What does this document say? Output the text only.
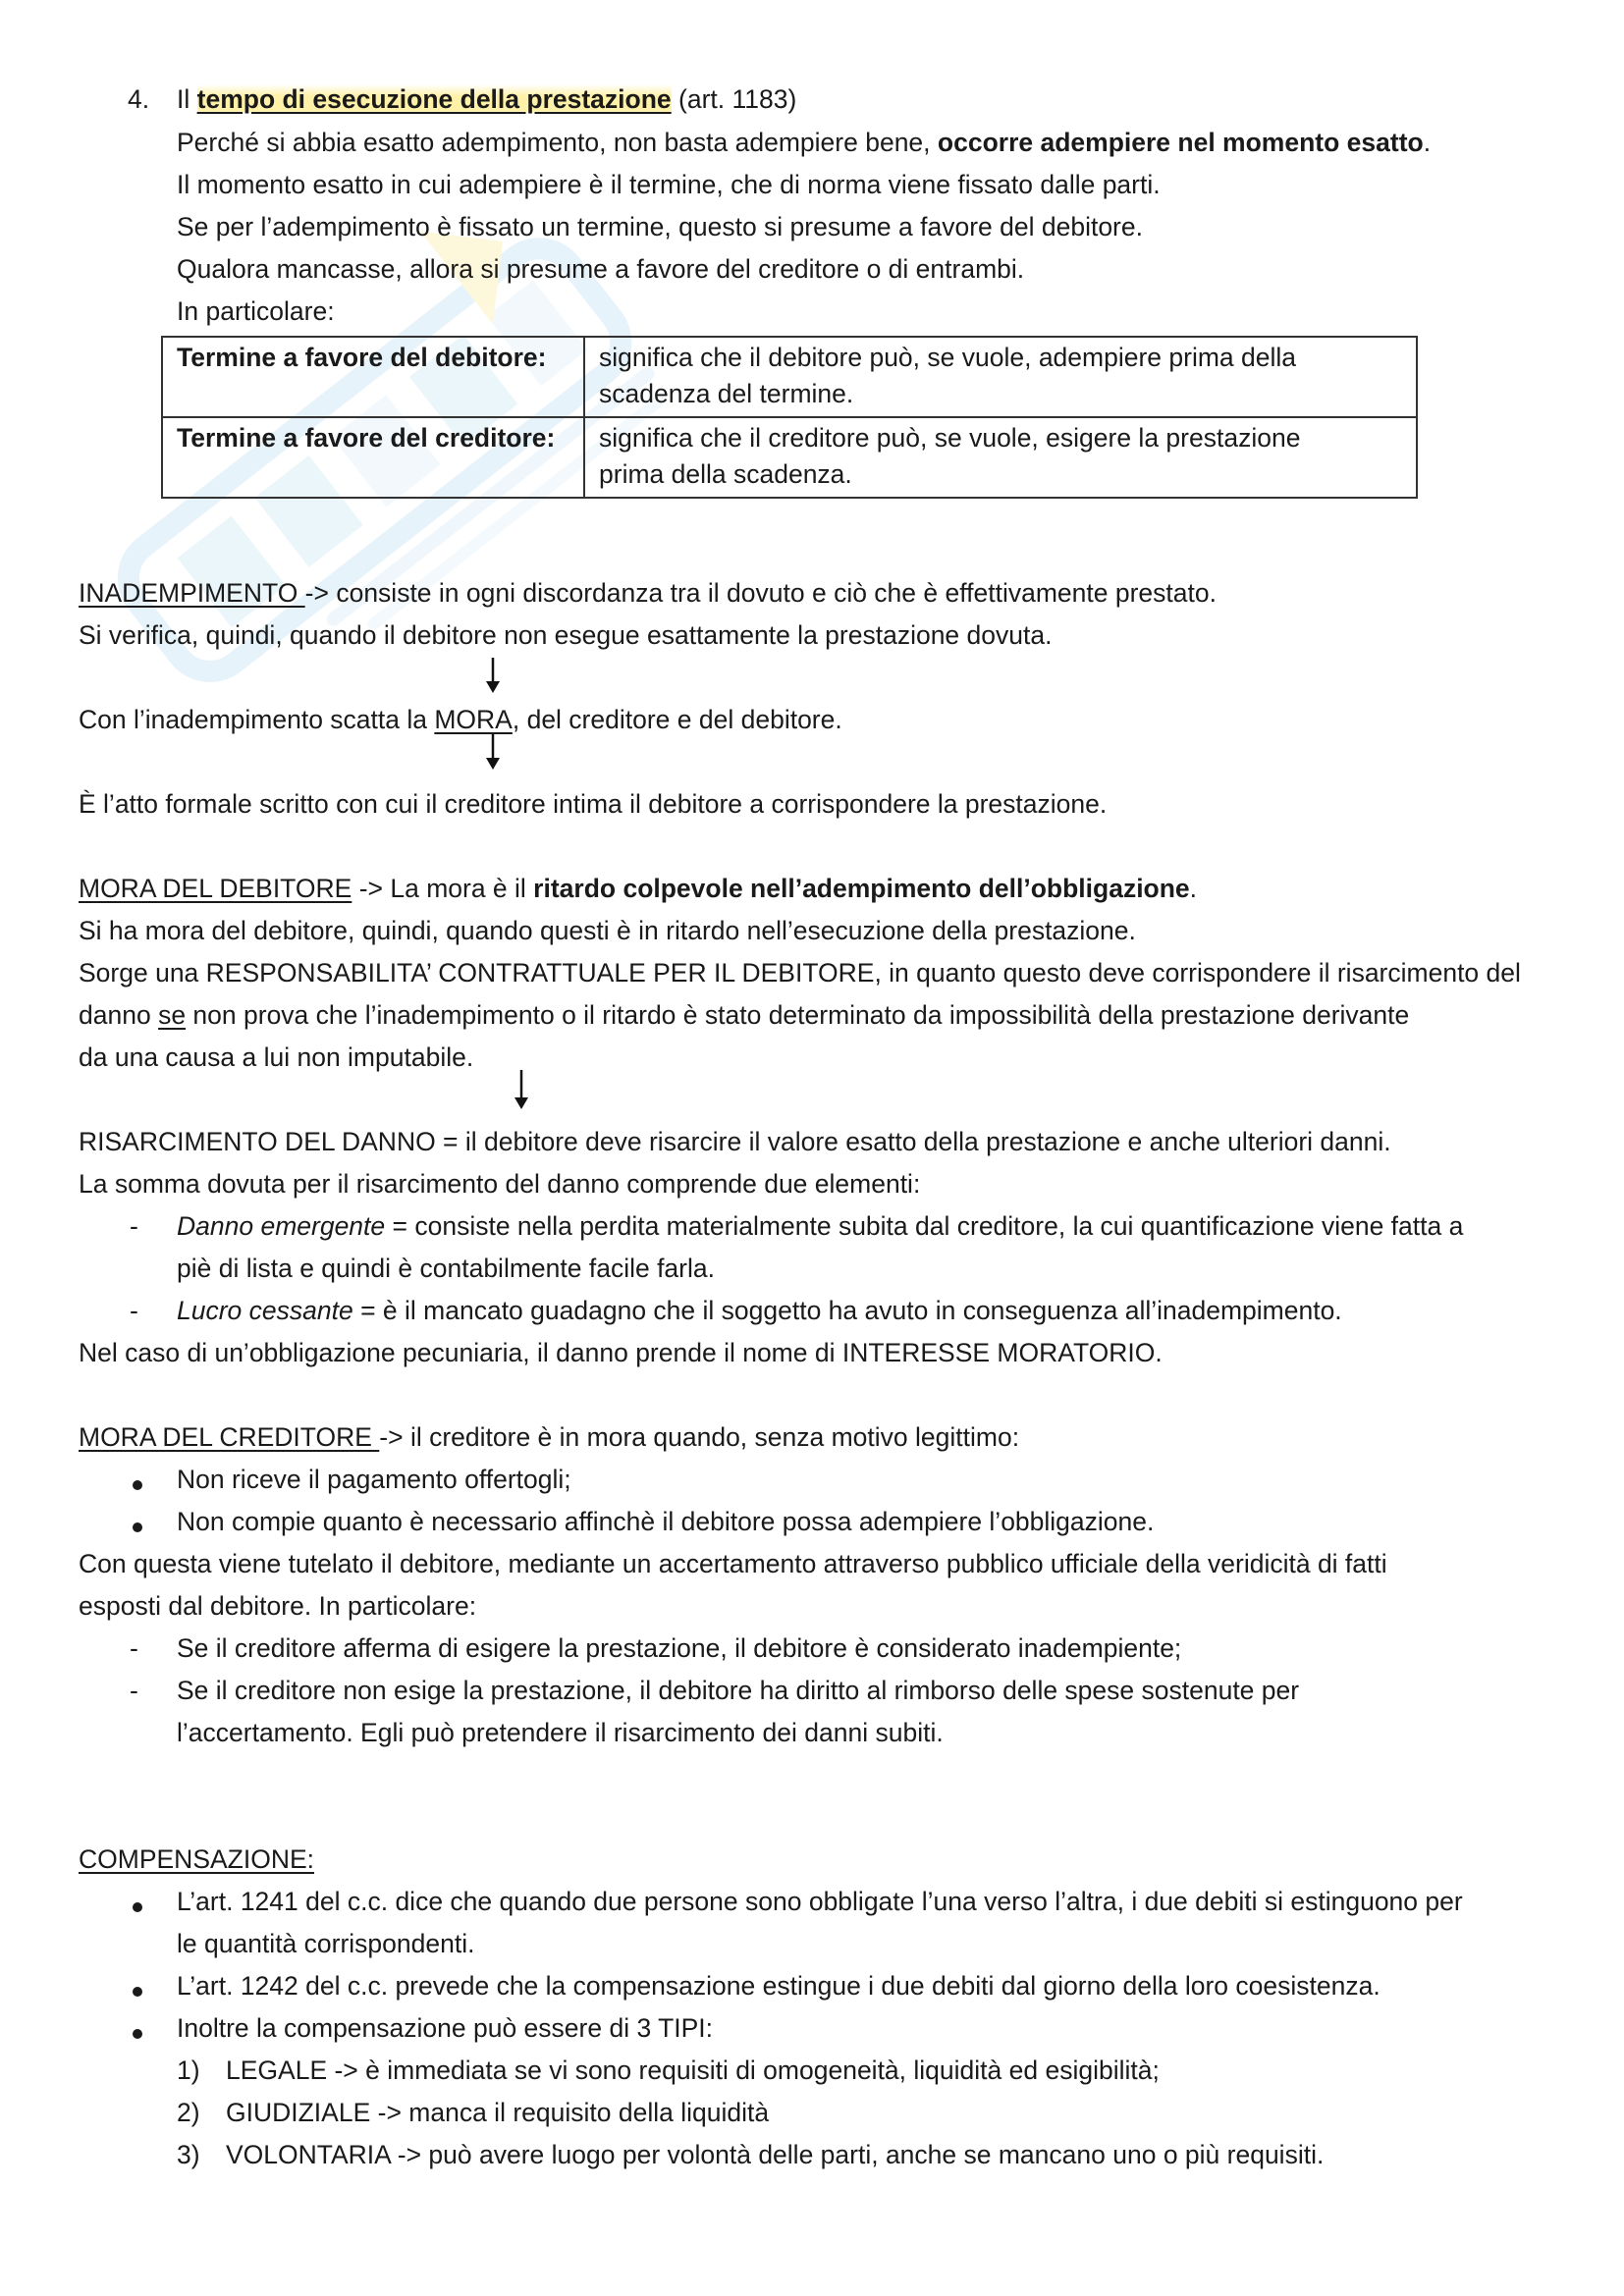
4. Il tempo di esecuzione della prestazione (art. 1183)
Perché si abbia esatto adempimento, non basta adempiere bene, occorre adempiere nel momento esatto.
Il momento esatto in cui adempiere è il termine, che di norma viene fissato dalle parti.
Se per l’adempimento è fissato un termine, questo si presume a favore del debitore.
Qualora mancasse, allora si presume a favore del creditore o di entrambi.
In particolare:
Termine a favore del debitore:	significa che il debitore può, se vuole, adempiere prima della
scadenza del termine.
Termine a favore del creditore:	significa che il creditore può, se vuole, esigere la prestazione
prima della scadenza.
INADEMPIMENTO -> consiste in ogni discordanza tra il dovuto e ciò che è effettivamente prestato.
Si verifica, quindi, quando il debitore non esegue esattamente la prestazione dovuta.
Con l’inadempimento scatta la MORA, del creditore e del debitore.
È l’atto formale scritto con cui il creditore intima il debitore a corrispondere la prestazione.
MORA DEL DEBITORE -> La mora è il ritardo colpevole nell’adempimento dell’obbligazione.
Si ha mora del debitore, quindi, quando questi è in ritardo nell’esecuzione della prestazione.
Sorge una RESPONSABILITA’ CONTRATTUALE PER IL DEBITORE, in quanto questo deve corrispondere il risarcimento del
danno se non prova che l’inadempimento o il ritardo è stato determinato da impossibilità della prestazione derivante
da una causa a lui non imputabile.
RISARCIMENTO DEL DANNO = il debitore deve risarcire il valore esatto della prestazione e anche ulteriori danni.
La somma dovuta per il risarcimento del danno comprende due elementi:
- Danno emergente = consiste nella perdita materialmente subita dal creditore, la cui quantificazione viene fatta a
piè di lista e quindi è contabilmente facile farla.
- Lucro cessante = è il mancato guadagno che il soggetto ha avuto in conseguenza all’inadempimento.
Nel caso di un’obbligazione pecuniaria, il danno prende il nome di INTERESSE MORATORIO.
MORA DEL CREDITORE -> il creditore è in mora quando, senza motivo legittimo:
Non riceve il pagamento offertogli;
Non compie quanto è necessario affinchè il debitore possa adempiere l’obbligazione.
Con questa viene tutelato il debitore, mediante un accertamento attraverso pubblico ufficiale della veridicità di fatti
esposti dal debitore. In particolare:
- Se il creditore afferma di esigere la prestazione, il debitore è considerato inadempiente;
- Se il creditore non esige la prestazione, il debitore ha diritto al rimborso delle spese sostenute per
l’accertamento. Egli può pretendere il risarcimento dei danni subiti.
COMPENSAZIONE:
L’art. 1241 del c.c. dice che quando due persone sono obbligate l’una verso l’altra, i due debiti si estinguono per
le quantità corrispondenti.
L’art. 1242 del c.c. prevede che la compensazione estingue i due debiti dal giorno della loro coesistenza.
Inoltre la compensazione può essere di 3 TIPI:
1) LEGALE -> è immediata se vi sono requisiti di omogeneità, liquidità ed esigibilità;
2) GIUDIZIALE -> manca il requisito della liquidità
3) VOLONTARIA -> può avere luogo per volontà delle parti, anche se mancano uno o più requisiti.
